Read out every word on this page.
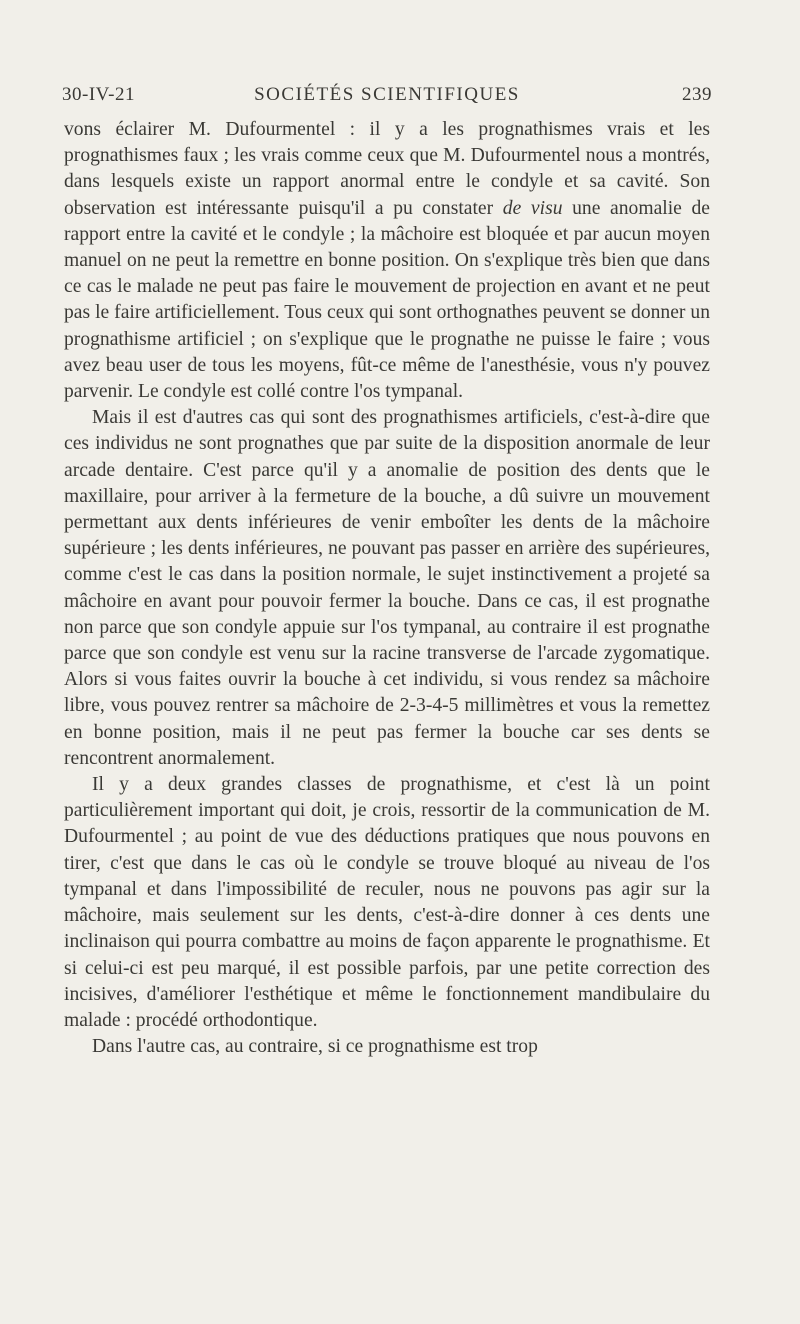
30-IV-21	SOCIÉTÉS SCIENTIFIQUES	239

vons éclairer M. Dufourmentel : il y a les prognathismes vrais et les prognathismes faux ; les vrais comme ceux que M. Dufourmentel nous a montrés, dans lesquels existe un rapport anormal entre le condyle et sa cavité. Son observation est intéressante puisqu'il a pu constater de visu une anomalie de rapport entre la cavité et le condyle ; la mâchoire est bloquée et par aucun moyen manuel on ne peut la remettre en bonne position. On s'explique très bien que dans ce cas le malade ne peut pas faire le mouvement de projection en avant et ne peut pas le faire artificiellement. Tous ceux qui sont orthognathes peuvent se donner un prognathisme artificiel ; on s'explique que le prognathe ne puisse le faire ; vous avez beau user de tous les moyens, fût-ce même de l'anesthésie, vous n'y pouvez parvenir. Le condyle est collé contre l'os tympanal.

Mais il est d'autres cas qui sont des prognathismes artificiels, c'est-à-dire que ces individus ne sont prognathes que par suite de la disposition anormale de leur arcade dentaire. C'est parce qu'il y a anomalie de position des dents que le maxillaire, pour arriver à la fermeture de la bouche, a dû suivre un mouvement permettant aux dents inférieures de venir emboîter les dents de la mâchoire supérieure ; les dents inférieures, ne pouvant pas passer en arrière des supérieures, comme c'est le cas dans la position normale, le sujet instinctivement a projeté sa mâchoire en avant pour pouvoir fermer la bouche. Dans ce cas, il est prognathe non parce que son condyle appuie sur l'os tympanal, au contraire il est prognathe parce que son condyle est venu sur la racine transverse de l'arcade zygomatique. Alors si vous faites ouvrir la bouche à cet individu, si vous rendez sa mâchoire libre, vous pouvez rentrer sa mâchoire de 2-3-4-5 millimètres et vous la remettez en bonne position, mais il ne peut pas fermer la bouche car ses dents se rencontrent anormalement.

Il y a deux grandes classes de prognathisme, et c'est là un point particulièrement important qui doit, je crois, ressortir de la communication de M. Dufourmentel ; au point de vue des déductions pratiques que nous pouvons en tirer, c'est que dans le cas où le condyle se trouve bloqué au niveau de l'os tympanal et dans l'impossibilité de reculer, nous ne pouvons pas agir sur la mâchoire, mais seulement sur les dents, c'est-à-dire donner à ces dents une inclinaison qui pourra combattre au moins de façon apparente le prognathisme. Et si celui-ci est peu marqué, il est possible parfois, par une petite correction des incisives, d'améliorer l'esthétique et même le fonctionnement mandibulaire du malade : procédé orthodontique.

Dans l'autre cas, au contraire, si ce prognathisme est trop
